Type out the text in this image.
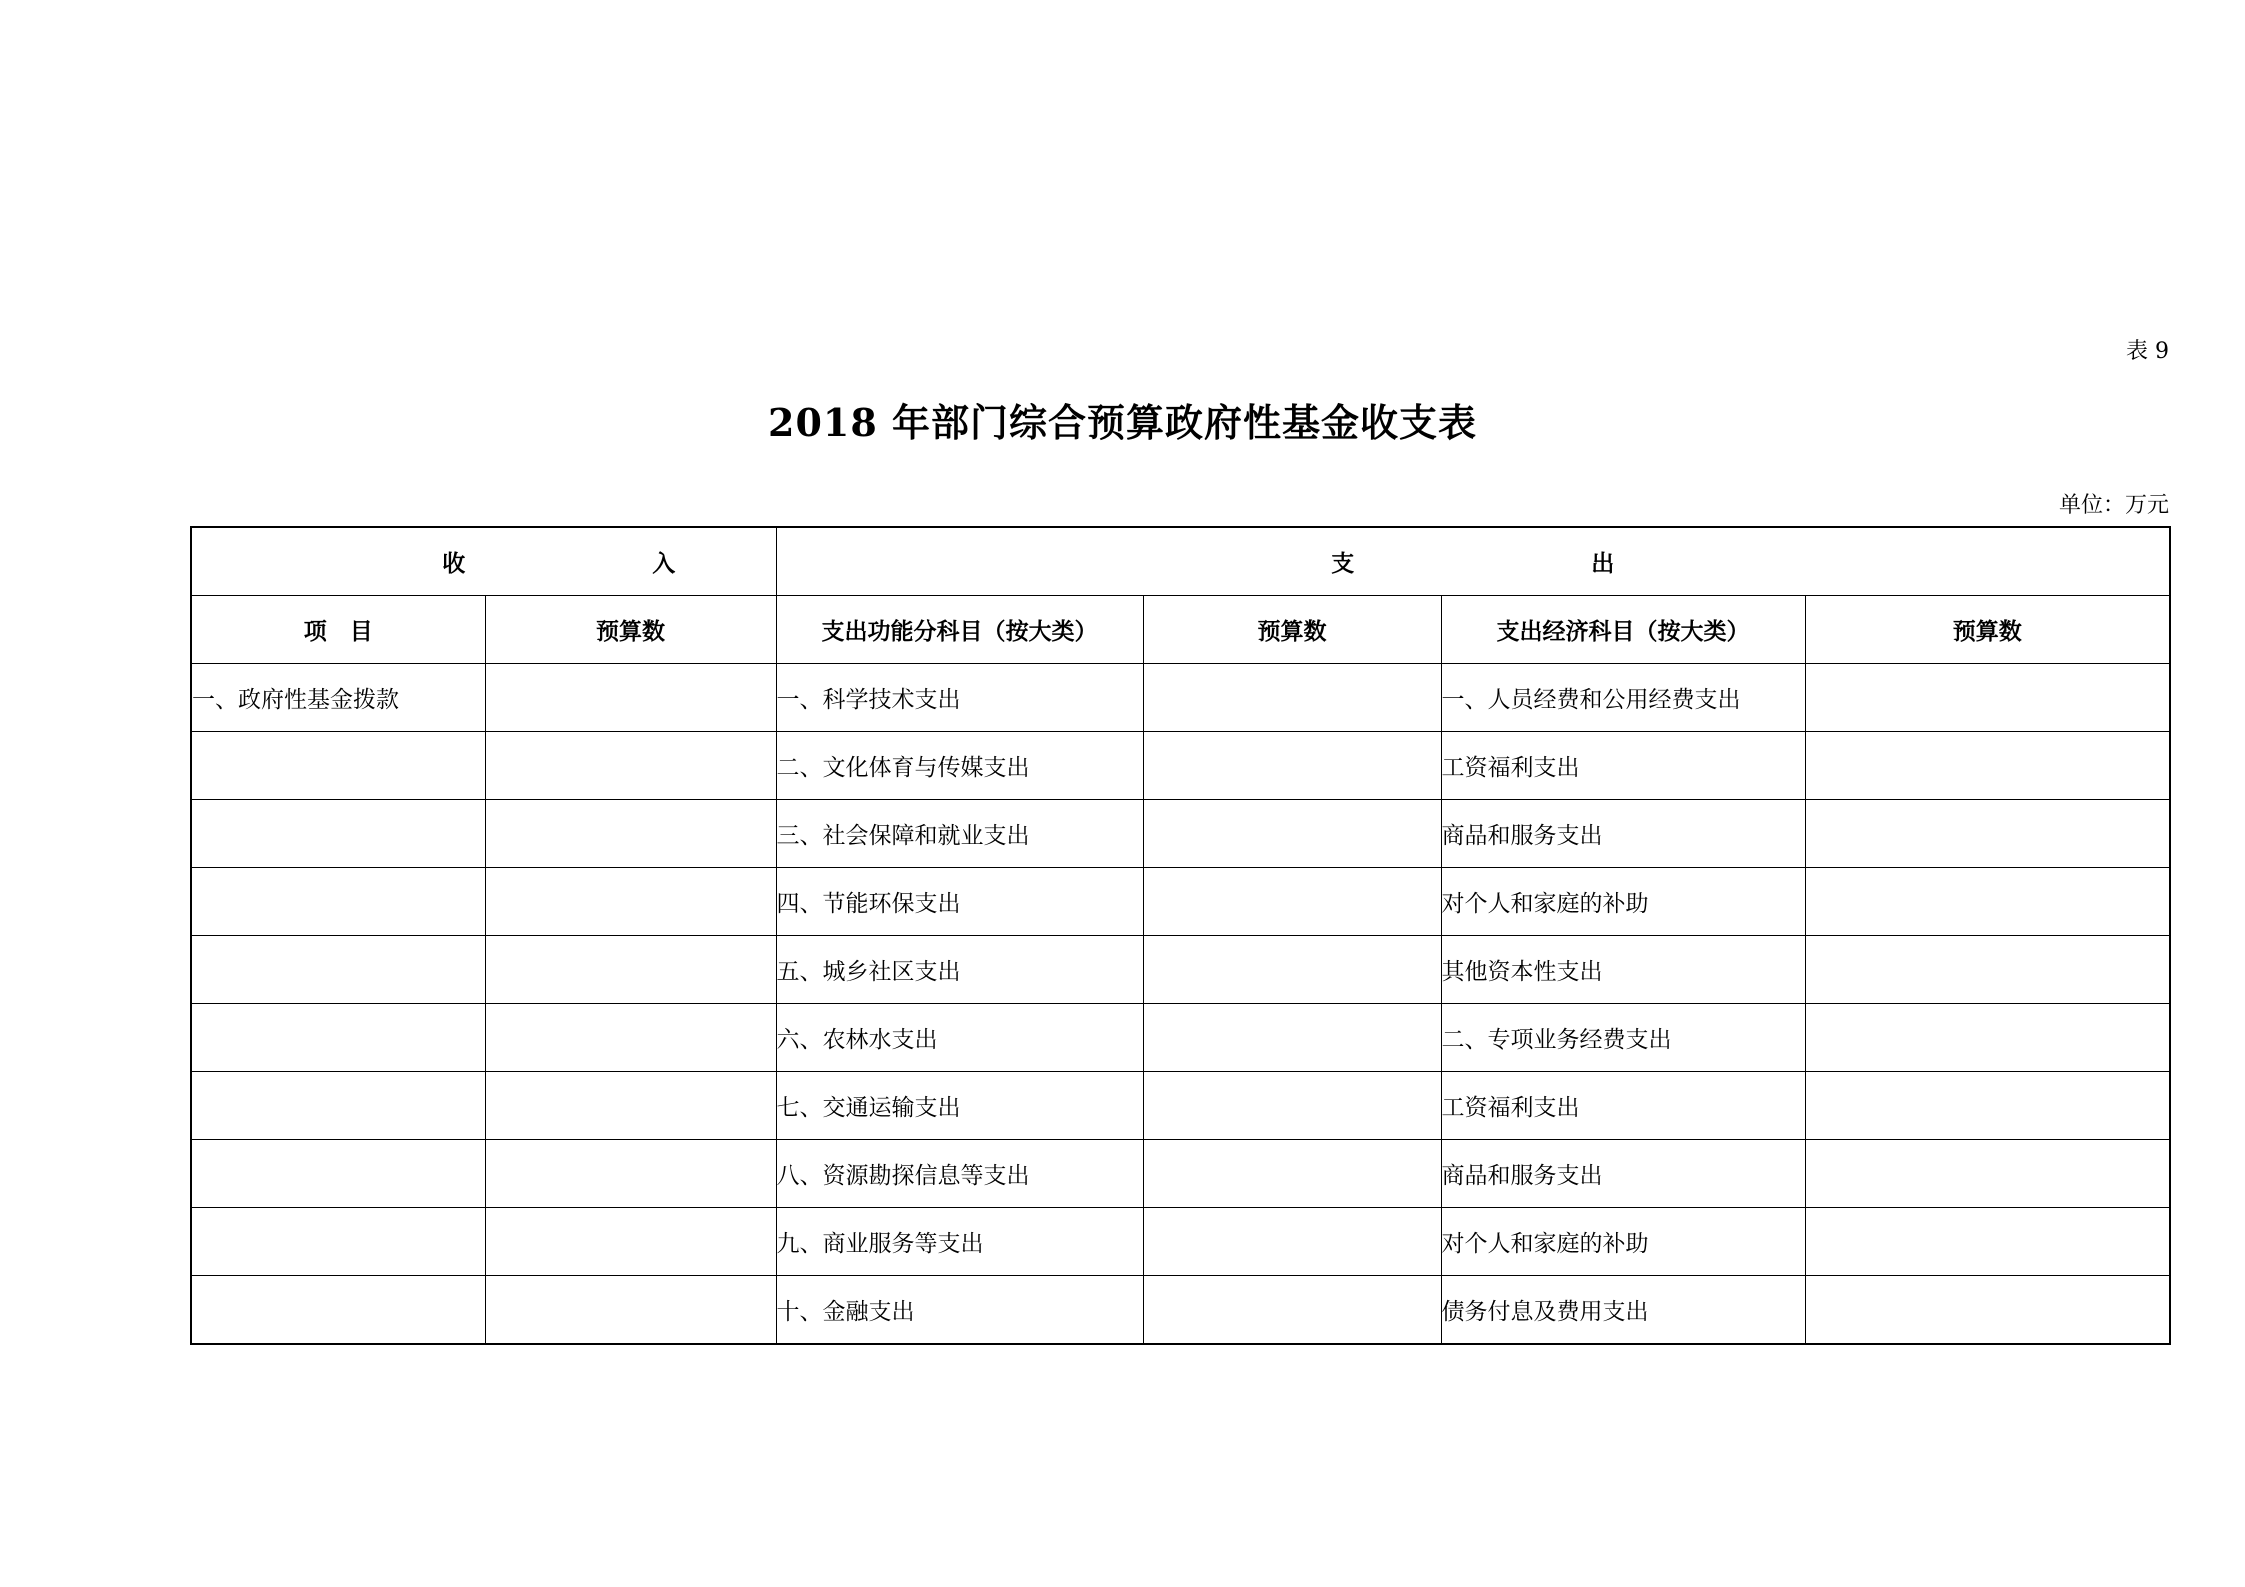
表 9
2018 年部门综合预算政府性基金收支表
单位：万元
收 入		支 出			

项　目	预算数	支出功能分科目（按大类）	预算数	支出经济科目（按大类）	预算数
一、政府性基金拨款		一、科学技术支出		一、人员经费和公用经费支出	
		二、文化体育与传媒支出		工资福利支出	
		三、社会保障和就业支出		商品和服务支出	
		四、节能环保支出		对个人和家庭的补助	
		五、城乡社区支出		其他资本性支出	
		六、农林水支出		二、专项业务经费支出	
		七、交通运输支出		工资福利支出	
		八、资源勘探信息等支出		商品和服务支出	
		九、商业服务等支出		对个人和家庭的补助	
		十、金融支出		债务付息及费用支出	
